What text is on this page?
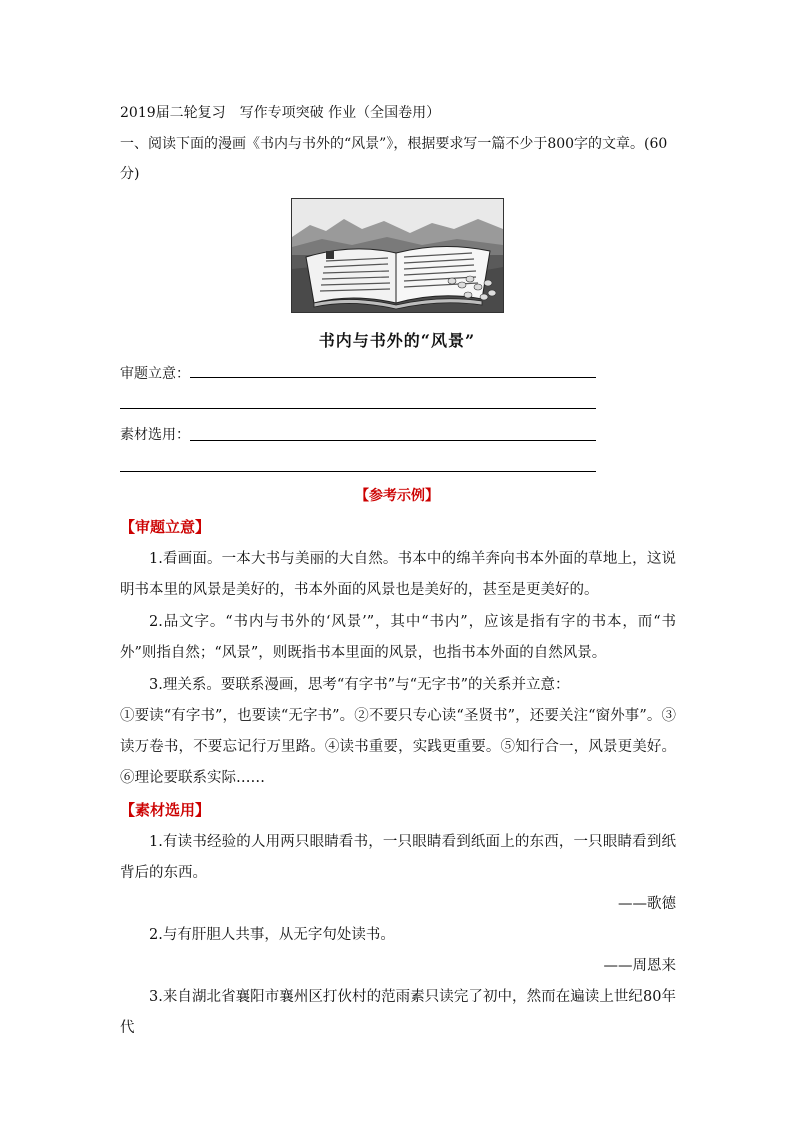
2019届二轮复习　写作专项突破 作业（全国卷用）
一、阅读下面的漫画《书内与书外的“风景”》，根据要求写一篇不少于800字的文章。(60
分)
书内与书外的“风景”
审题立意：
素材选用：
【参考示例】
【审题立意】
1.看画面。一本大书与美丽的大自然。书本中的绵羊奔向书本外面的草地上，这说明书本里的风景是美好的，书本外面的风景也是美好的，甚至是更美好的。
2.品文字。“书内与书外的‘风景’”，其中“书内”，应该是指有字的书本，而“书外”则指自然；“风景”，则既指书本里面的风景，也指书本外面的自然风景。
3.理关系。要联系漫画，思考“有字书”与“无字书”的关系并立意：
①要读“有字书”，也要读“无字书”。②不要只专心读“圣贤书”，还要关注“窗外事”。③读万卷书，不要忘记行万里路。④读书重要，实践更重要。⑤知行合一，风景更美好。⑥理论要联系实际……
【素材选用】
1.有读书经验的人用两只眼睛看书，一只眼睛看到纸面上的东西，一只眼睛看到纸背后的东西。
——歌德
2.与有肝胆人共事，从无字句处读书。
——周恩来
3.来自湖北省襄阳市襄州区打伙村的范雨素只读完了初中，然而在遍读上世纪80年代
